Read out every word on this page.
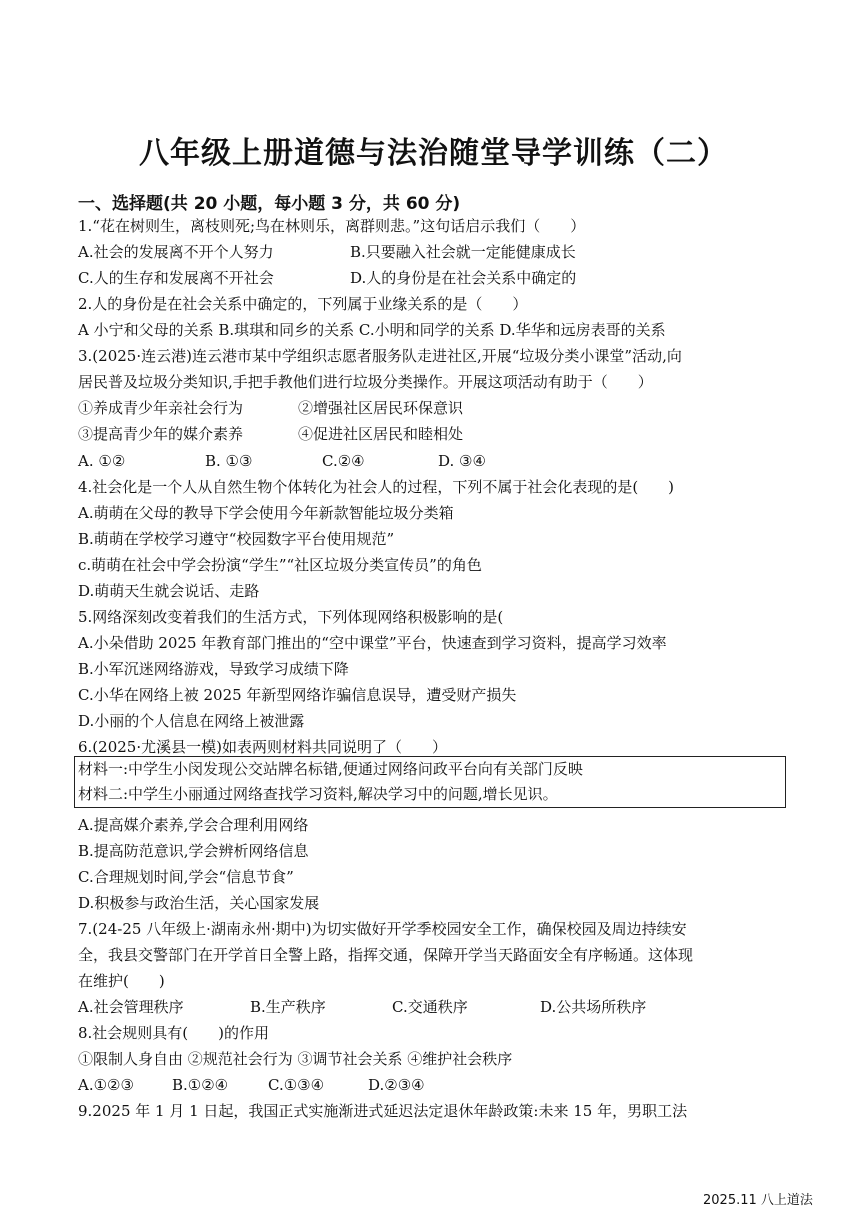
八年级上册道德与法治随堂导学训练（二）
一、选择题(共 20 小题，每小题 3 分，共 60 分)
1.“花在树则生，离枝则死;鸟在林则乐，离群则悲。”这句话启示我们（　　）
A.社会的发展离不开个人努力	B.只要融入社会就一定能健康成长
C.人的生存和发展离不开社会	D.人的身份是在社会关系中确定的
2.人的身份是在社会关系中确定的，下列属于业缘关系的是（　　）
A 小宁和父母的关系 B.琪琪和同乡的关系 C.小明和同学的关系 D.华华和远房表哥的关系
3.(2025·连云港)连云港市某中学组织志愿者服务队走进社区,开展“垃圾分类小课堂”活动,向
居民普及垃圾分类知识,手把手教他们进行垃圾分类操作。开展这项活动有助于（　　）
①养成青少年亲社会行为	②增强社区居民环保意识
③提高青少年的媒介素养	④促进社区居民和睦相处
A. ①②	B. ①③	C.②④	D. ③④
4.社会化是一个人从自然生物个体转化为社会人的过程，下列不属于社会化表现的是(　　)
A.萌萌在父母的教导下学会使用今年新款智能垃圾分类箱
B.萌萌在学校学习遵守“校园数字平台使用规范”
c.萌萌在社会中学会扮演“学生”“社区垃圾分类宣传员”的角色
D.萌萌天生就会说话、走路
5.网络深刻改变着我们的生活方式，下列体现网络积极影响的是(
A.小朵借助 2025 年教育部门推出的“空中课堂”平台，快速查到学习资料，提高学习效率
B.小军沉迷网络游戏，导致学习成绩下降
C.小华在网络上被 2025 年新型网络诈骗信息误导，遭受财产损失
D.小丽的个人信息在网络上被泄露
6.(2025·尤溪县一模)如表两则材料共同说明了（　　）
材料一:中学生小闵发现公交站牌名标错,便通过网络问政平台向有关部门反映
材料二:中学生小丽通过网络查找学习资料,解决学习中的问题,增长见识。
A.提高媒介素养,学会合理利用网络
B.提高防范意识,学会辨析网络信息
C.合理规划时间,学会“信息节食”
D.积极参与政治生活，关心国家发展
7.(24-25 八年级上·湖南永州·期中)为切实做好开学季校园安全工作，确保校园及周边持续安
全，我县交警部门在开学首日全警上路，指挥交通，保障开学当天路面安全有序畅通。这体现
在维护(　　)
A.社会管理秩序	B.生产秩序	C.交通秩序	D.公共场所秩序
8.社会规则具有(　　)的作用
①限制人身自由 ②规范社会行为 ③调节社会关系 ④维护社会秩序
A.①②③	B.①②④	C.①③④	D.②③④
9.2025 年 1 月 1 日起，我国正式实施渐进式延迟法定退休年龄政策:未来 15 年，男职工法
2025.11 八上道法
